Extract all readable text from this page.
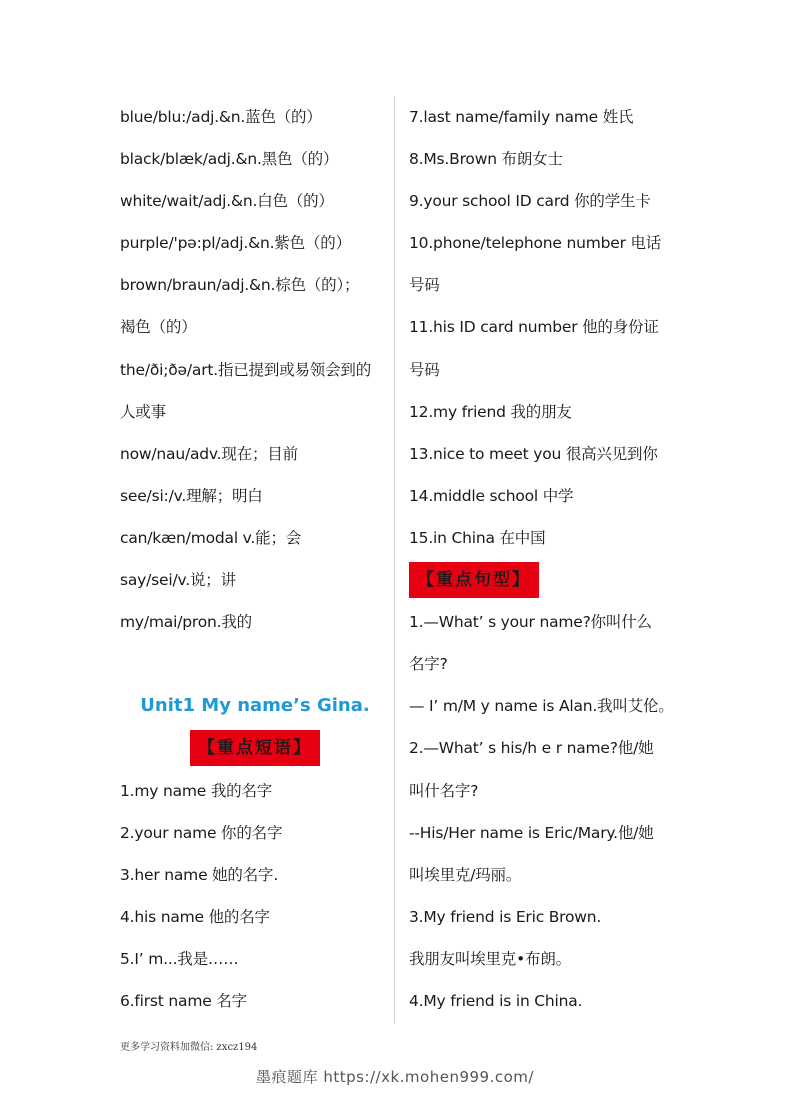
blue/blu:/adj.&n.蓝色（的）
black/blæk/adj.&n.黑色（的）
white/wait/adj.&n.白色（的）
purple/'pə:pl/adj.&n.紫色（的）
brown/braun/adj.&n.棕色（的）；
褐色（的）
the/ði;ðə/art.指已提到或易领会到的
人或事
now/nau/adv.现在；目前
see/si:/v.理解；明白
can/kæn/modal v.能；会
say/sei/v.说；讲
my/mai/pron.我的
Unit1 My name’s Gina.
【重点短语】
1.my name 我的名字
2.your name 你的名字
3.her name 她的名字.
4.his name 他的名字
5.I’ m...我是……
6.first name 名字
7.last name/family name 姓氏
8.Ms.Brown 布朗女士
9.your school ID card 你的学生卡
10.phone/telephone number 电话
号码
11.his ID card number 他的身份证
号码
12.my friend 我的朋友
13.nice to meet you 很高兴见到你
14.middle school 中学
15.in China 在中国
【重点句型】
1.—What’ s your name?你叫什么
名字?
— I’ m/M y name is Alan.我叫艾伦。
2.—What’ s his/h e r name?他/她
叫什名字?
--His/Her name is Eric/Mary.他/她
叫埃里克/玛丽。
3.My friend is Eric Brown.
我朋友叫埃里克•布朗。
4.My friend is in China.
更多学习资料加微信: zxcz194
墨痕题库 https://xk.mohen999.com/
